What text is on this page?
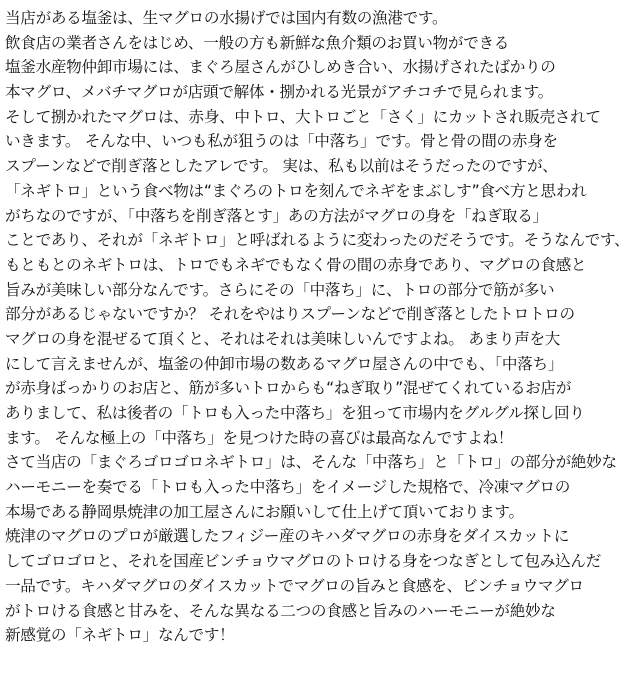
当店がある塩釜は、生マグロの水揚げでは国内有数の漁港です。
飲食店の業者さんをはじめ、一般の方も新鮮な魚介類のお買い物ができる
塩釜水産物仲卸市場には、まぐろ屋さんがひしめき合い、水揚げされたばかりの
本マグロ、メバチマグロが店頭で解体・捌かれる光景がアチコチで見られます。
そして捌かれたマグロは、赤身、中トロ、大トロごと「さく」にカットされ販売されて
いきます。 そんな中、いつも私が狙うのは「中落ち」です。骨と骨の間の赤身を
スプーンなどで削ぎ落としたアレです。 実は、私も以前はそうだったのですが、
「ネギトロ」という食べ物は“まぐろのトロを刻んでネギをまぶしす”食べ方と思われ
がちなのですが、「中落ちを削ぎ落とす」あの方法がマグロの身を「ねぎ取る」
ことであり、それが「ネギトロ」と呼ばれるように変わったのだそうです。そうなんです、
もともとのネギトロは、トロでもネギでもなく骨の間の赤身であり、マグロの食感と
旨みが美味しい部分なんです。さらにその「中落ち」に、トロの部分で筋が多い
部分があるじゃないですか？ それをやはりスプーンなどで削ぎ落としたトロトロの
マグロの身を混ぜるて頂くと、それはそれは美味しいんですよね。 あまり声を大
にして言えませんが、塩釜の仲卸市場の数あるマグロ屋さんの中でも、「中落ち」
が赤身ばっかりのお店と、筋が多いトロからも“ねぎ取り”混ぜてくれているお店が
ありまして、私は後者の「トロも入った中落ち」を狙って市場内をグルグル探し回り
ます。 そんな極上の「中落ち」を見つけた時の喜びは最高なんですよね！
さて当店の「まぐろゴロゴロネギトロ」は、そんな「中落ち」と「トロ」の部分が絶妙な
ハーモニーを奏でる「トロも入った中落ち」をイメージした規格で、冷凍マグロの
本場である静岡県焼津の加工屋さんにお願いして仕上げて頂いております。
焼津のマグロのプロが厳選したフィジー産のキハダマグロの赤身をダイスカットに
してゴロゴロと、それを国産ビンチョウマグロのトロける身をつなぎとして包み込んだ
一品です。キハダマグロのダイスカットでマグロの旨みと食感を、ビンチョウマグロ
がトロける食感と甘みを、そんな異なる二つの食感と旨みのハーモニーが絶妙な
新感覚の「ネギトロ」なんです！
